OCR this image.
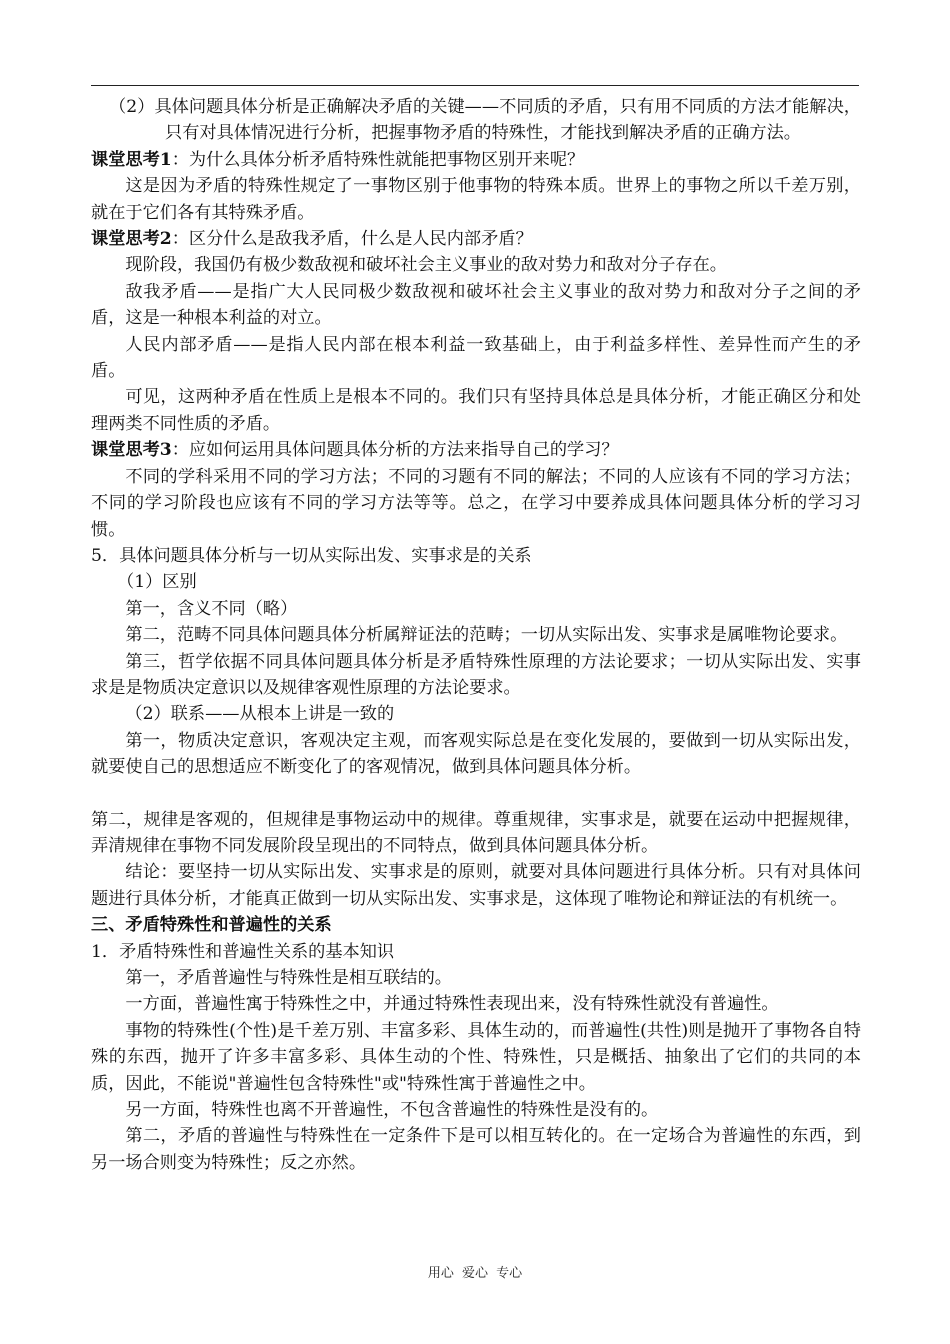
（2）具体问题具体分析是正确解决矛盾的关键——不同质的矛盾，只有用不同质的方法才能解决，只有对具体情况进行分析，把握事物矛盾的特殊性，才能找到解决矛盾的正确方法。

课堂思考1：为什么具体分析矛盾特殊性就能把事物区别开来呢？

这是因为矛盾的特殊性规定了一事物区别于他事物的特殊本质。世界上的事物之所以千差万别，就在于它们各有其特殊矛盾。

课堂思考2：区分什么是敌我矛盾，什么是人民内部矛盾？

现阶段，我国仍有极少数敌视和破坏社会主义事业的敌对势力和敌对分子存在。

敌我矛盾——是指广大人民同极少数敌视和破坏社会主义事业的敌对势力和敌对分子之间的矛盾，这是一种根本利益的对立。

人民内部矛盾——是指人民内部在根本利益一致基础上，由于利益多样性、差异性而产生的矛盾。

可见，这两种矛盾在性质上是根本不同的。我们只有坚持具体总是具体分析，才能正确区分和处理两类不同性质的矛盾。

课堂思考3：应如何运用具体问题具体分析的方法来指导自己的学习？

不同的学科采用不同的学习方法；不同的习题有不同的解法；不同的人应该有不同的学习方法；不同的学习阶段也应该有不同的学习方法等等。总之，在学习中要养成具体问题具体分析的学习习惯。

5．具体问题具体分析与一切从实际出发、实事求是的关系

（1）区别

第一，含义不同（略）

第二，范畴不同具体问题具体分析属辩证法的范畴；一切从实际出发、实事求是属唯物论要求。

第三，哲学依据不同具体问题具体分析是矛盾特殊性原理的方法论要求；一切从实际出发、实事求是是物质决定意识以及规律客观性原理的方法论要求。

（2）联系——从根本上讲是一致的

第一，物质决定意识，客观决定主观，而客观实际总是在变化发展的，要做到一切从实际出发，就要使自己的思想适应不断变化了的客观情况，做到具体问题具体分析。

第二，规律是客观的，但规律是事物运动中的规律。尊重规律，实事求是，就要在运动中把握规律，弄清规律在事物不同发展阶段呈现出的不同特点，做到具体问题具体分析。

结论：要坚持一切从实际出发、实事求是的原则，就要对具体问题进行具体分析。只有对具体问题进行具体分析，才能真正做到一切从实际出发、实事求是，这体现了唯物论和辩证法的有机统一。

三、矛盾特殊性和普遍性的关系

1．矛盾特殊性和普遍性关系的基本知识

第一，矛盾普遍性与特殊性是相互联结的。

一方面，普遍性寓于特殊性之中，并通过特殊性表现出来，没有特殊性就没有普遍性。

事物的特殊性(个性)是千差万别、丰富多彩、具体生动的，而普遍性(共性)则是抛开了事物各自特殊的东西，抛开了许多丰富多彩、具体生动的个性、特殊性，只是概括、抽象出了它们的共同的本质，因此，不能说"普遍性包含特殊性"或"特殊性寓于普遍性之中。

另一方面，特殊性也离不开普遍性，不包含普遍性的特殊性是没有的。

第二，矛盾的普遍性与特殊性在一定条件下是可以相互转化的。在一定场合为普遍性的东西，到另一场合则变为特殊性；反之亦然。

用心 爱心 专心
